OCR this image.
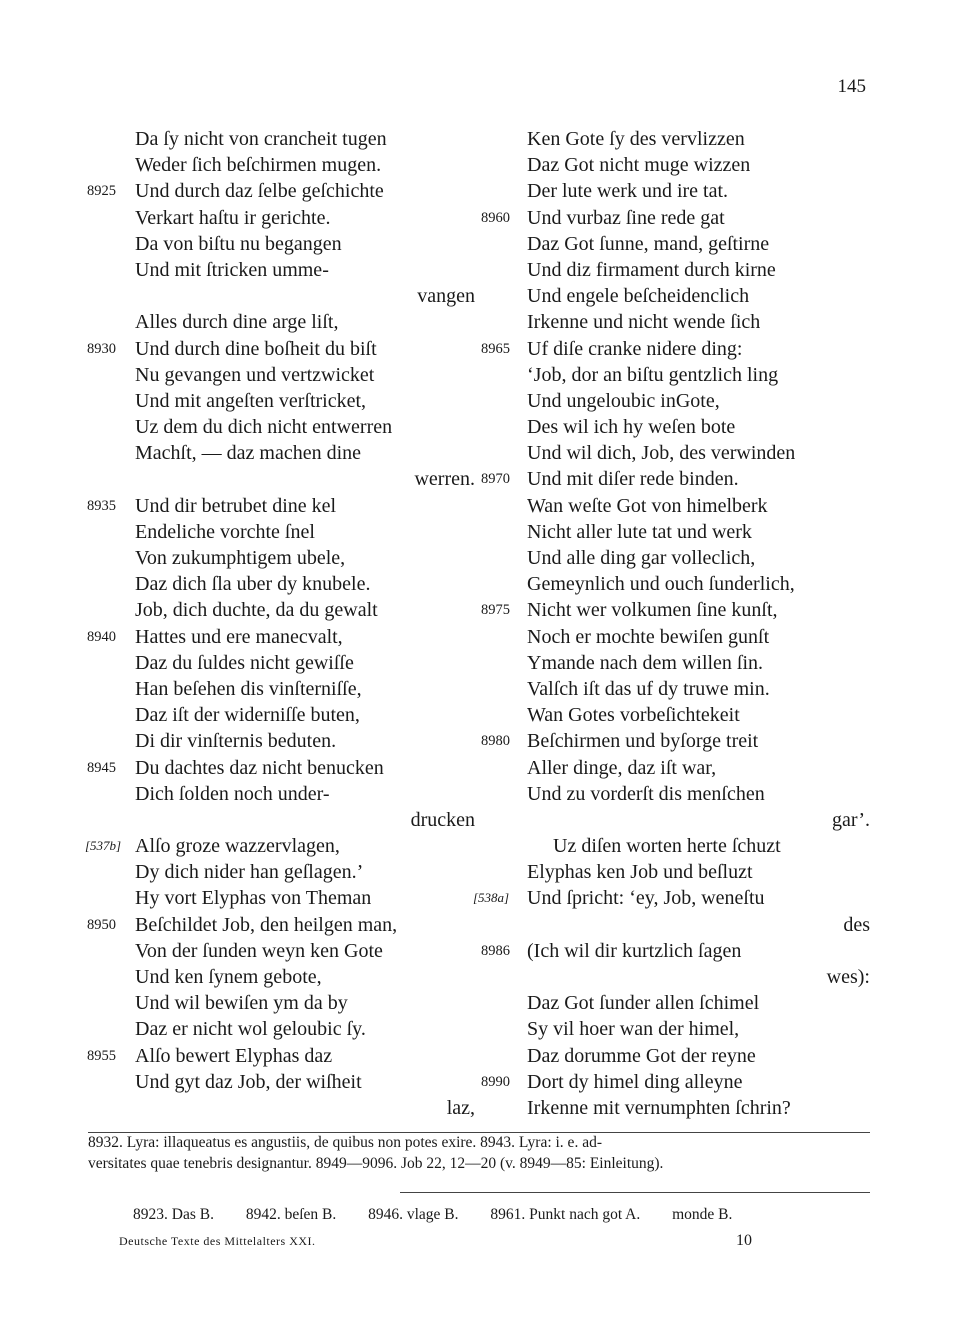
145
Da ſy nicht von crancheit tugen
Weder ſich beſchirmen mugen.
8925 Und durch daz ſelbe geſchichte
Verkart haſtu ir gerichte.
Da von biſtu nu begangen
Und mit ſtricken umme-
vangen
Alles durch dine arge liſt,
8930 Und durch dine boſheit du biſt
Nu gevangen und vertzwicket
Und mit angeſten verſtricket,
Uz dem du dich nicht entwerren
Machſt, — daz machen dine
werren.
8935 Und dir betrubet dine kel
Endeliche vorchte ſnel
Von zukumphtigem ubele,
Daz dich ſla uber dy knubele.
Job, dich duchte, da du gewalt
8940 Hattes und ere manecvalt,
Daz du ſuldes nicht gewiſſe
Han beſehen dis vinſterniſſe,
Daz iſt der widerniſſe buten,
Di dir vinſternis beduten.
8945 Du dachtes daz nicht benucken
Dich ſolden noch under-
drucken
[537b] Alſo groze wazzervlagen,
Dy dich nider han geſlagen.’
Hy vort Elyphas von Theman
8950 Beſchildet Job, den heilgen man,
Von der ſunden weyn ken Gote
Und ken ſynem gebote,
Und wil bewiſen ym da by
Daz er nicht wol geloubic ſy.
8955 Alſo bewert Elyphas daz
Und gyt daz Job, der wiſheit
laz,
Ken Gote ſy des vervlizzen
Daz Got nicht muge wizzen
Der lute werk und ire tat.
8960 Und vurbaz ſine rede gat
Daz Got ſunne, mand, geſtirne
Und diz firmament durch kirne
Und engele beſcheidenclich
Irkenne und nicht wende ſich
8965 Uf diſe cranke nidere ding:
‘Job, dor an biſtu gentzlich ling
Und ungeloubic inGote,
Des wil ich hy weſen bote
Und wil dich, Job, des verwinden
8970 Und mit diſer rede binden.
Wan weſte Got von himelberk
Nicht aller lute tat und werk
Und alle ding gar volleclich,
Gemeynlich und ouch ſunderlich,
8975 Nicht wer volkumen ſine kunſt,
Noch er mochte bewiſen gunſt
Ymande nach dem willen ſin.
Valſch iſt das uf dy truwe min.
Wan Gotes vorbeſichtekeit
8980 Beſchirmen und byſorge treit
Aller dinge, daz iſt war,
Und zu vorderſt dis menſchen
gar’.
Uz diſen worten herte ſchuzt
Elyphas ken Job und beſluzt
[538a] Und ſpricht: ‘ey, Job, weneſtu
des
8986 (Ich wil dir kurtzlich ſagen
wes):
Daz Got ſunder allen ſchimel
Sy vil hoer wan der himel,
Daz dorumme Got der reyne
8990 Dort dy himel ding alleyne
Irkenne mit vernumphten ſchrin?
8932. Lyra: illaqueatus es angustiis, de quibus non potes exire. 8943. Lyra: i. e. ad-
versitates quae tenebris designantur. 8949—9096. Job 22, 12—20 (v. 8949—85: Einleitung).
8923. Das B. 8942. beſen B. 8946. vlage B. 8961. Punkt nach got A. monde B.
Deutsche Texte des Mittelalters XXI.	10
